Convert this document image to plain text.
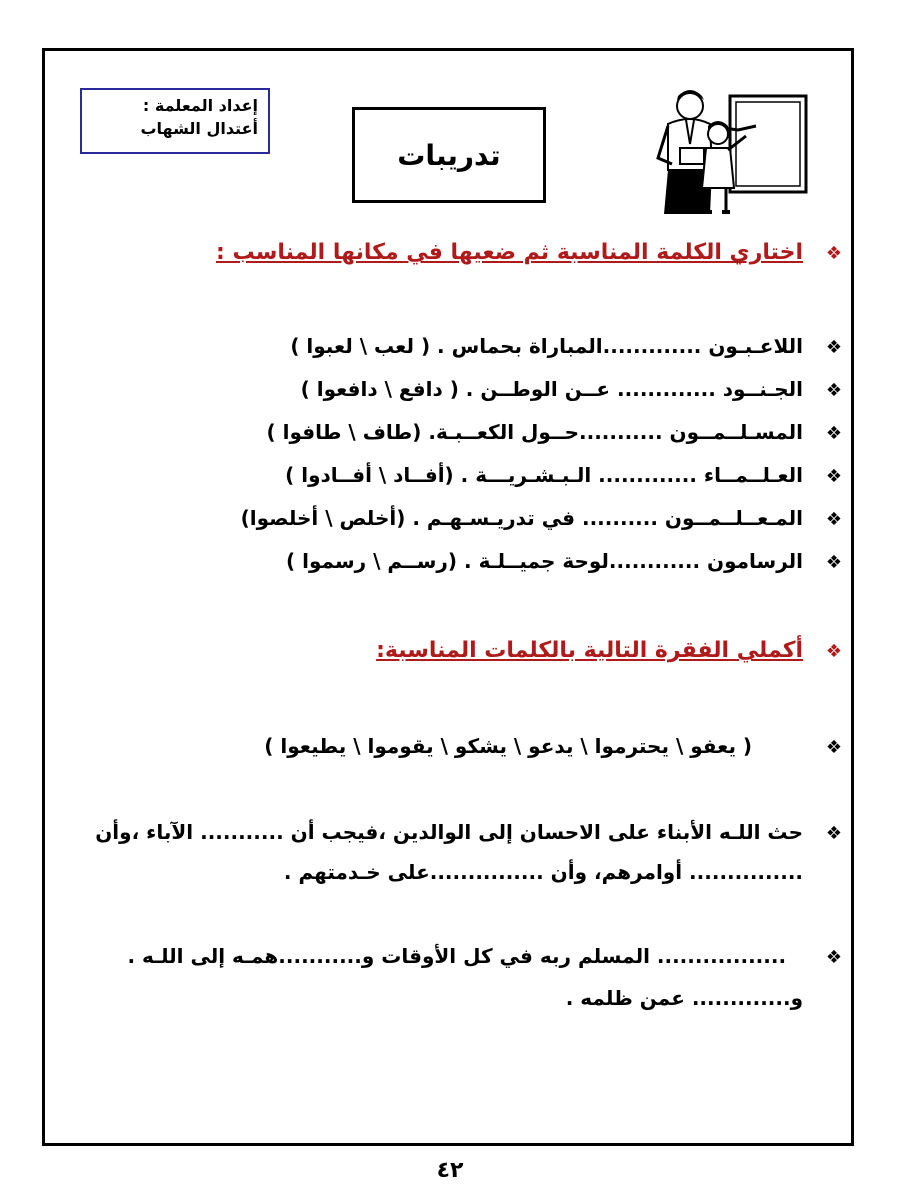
إعداد المعلمة :
أعتدال الشهاب
تدريبات
❖ اختاري الكلمة المناسبة ثم ضعيها في مكانها المناسب :
❖ اللاعـبـون .............المباراة بحماس . ( لعب \ لعبوا )
❖ الجـنــود ............. عــن الوطــن . ( دافع \ دافعوا )
❖ المسـلــمــون ...........حــول الكعــبـة. (طاف \ طافوا )
❖ العـلــمــاء ............. الـبـشـريـــة . (أفــاد \ أفــادوا )
❖ المـعــلــمــون .......... في تدريـسـهـم . (أخلص \ أخلصوا)
❖ الرسامون ............لوحة جميــلـة . (رســم \ رسموا )
❖ أكملي الفقرة التالية بالكلمات المناسبة:
❖  ( يعفو \ يحترموا \ يدعو \ يشكو \ يقوموا \ يطيعوا )
❖ حث اللـه الأبناء على الاحسان إلى الوالدين ،فيجب أن ........... الآباء ،وأن
............... أوامرهم، وأن ...............على خـدمتهم .
❖  ................. المسلم ربه في كل الأوقات و...........همـه إلى اللـه .
و............. عمن ظلمه .
٤٢
